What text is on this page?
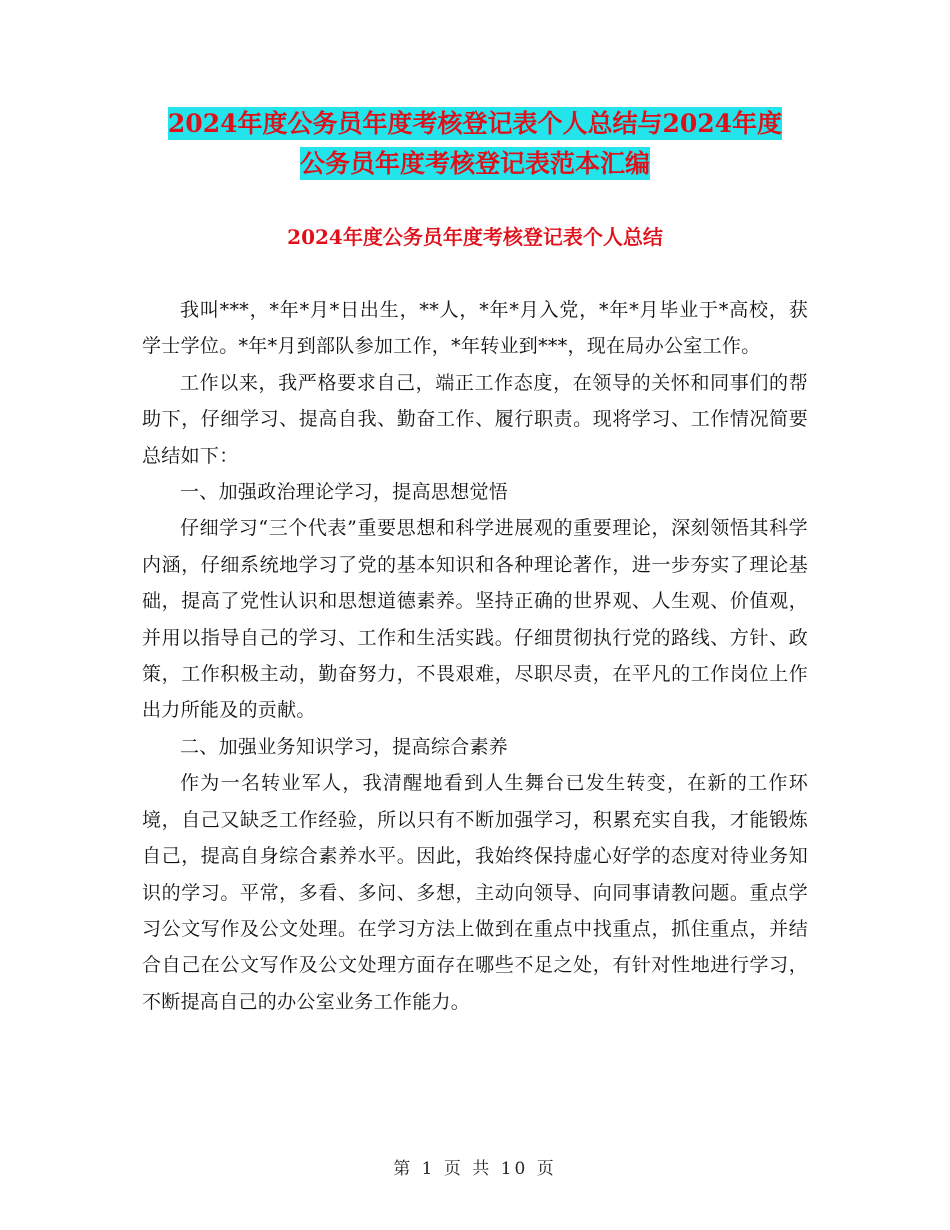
2024年度公务员年度考核登记表个人总结与2024年度
公务员年度考核登记表范本汇编
2024年度公务员年度考核登记表个人总结

我叫***，*年*月*日出生，**人，*年*月入党，*年*月毕业于*高校，获学士学位。*年*月到部队参加工作，*年转业到***，现在局办公室工作。

工作以来，我严格要求自己，端正工作态度，在领导的关怀和同事们的帮助下，仔细学习、提高自我、勤奋工作、履行职责。现将学习、工作情况简要总结如下：

一、加强政治理论学习，提高思想觉悟

仔细学习“三个代表”重要思想和科学进展观的重要理论，深刻领悟其科学内涵，仔细系统地学习了党的基本知识和各种理论著作，进一步夯实了理论基础，提高了党性认识和思想道德素养。坚持正确的世界观、人生观、价值观，并用以指导自己的学习、工作和生活实践。仔细贯彻执行党的路线、方针、政策，工作积极主动，勤奋努力，不畏艰难，尽职尽责，在平凡的工作岗位上作出力所能及的贡献。

二、加强业务知识学习，提高综合素养

作为一名转业军人，我清醒地看到人生舞台已发生转变，在新的工作环境，自己又缺乏工作经验，所以只有不断加强学习，积累充实自我，才能锻炼自己，提高自身综合素养水平。因此，我始终保持虚心好学的态度对待业务知识的学习。平常，多看、多问、多想，主动向领导、向同事请教问题。重点学习公文写作及公文处理。在学习方法上做到在重点中找重点，抓住重点，并结合自己在公文写作及公文处理方面存在哪些不足之处，有针对性地进行学习，不断提高自己的办公室业务工作能力。

第 1 页 共 10 页
